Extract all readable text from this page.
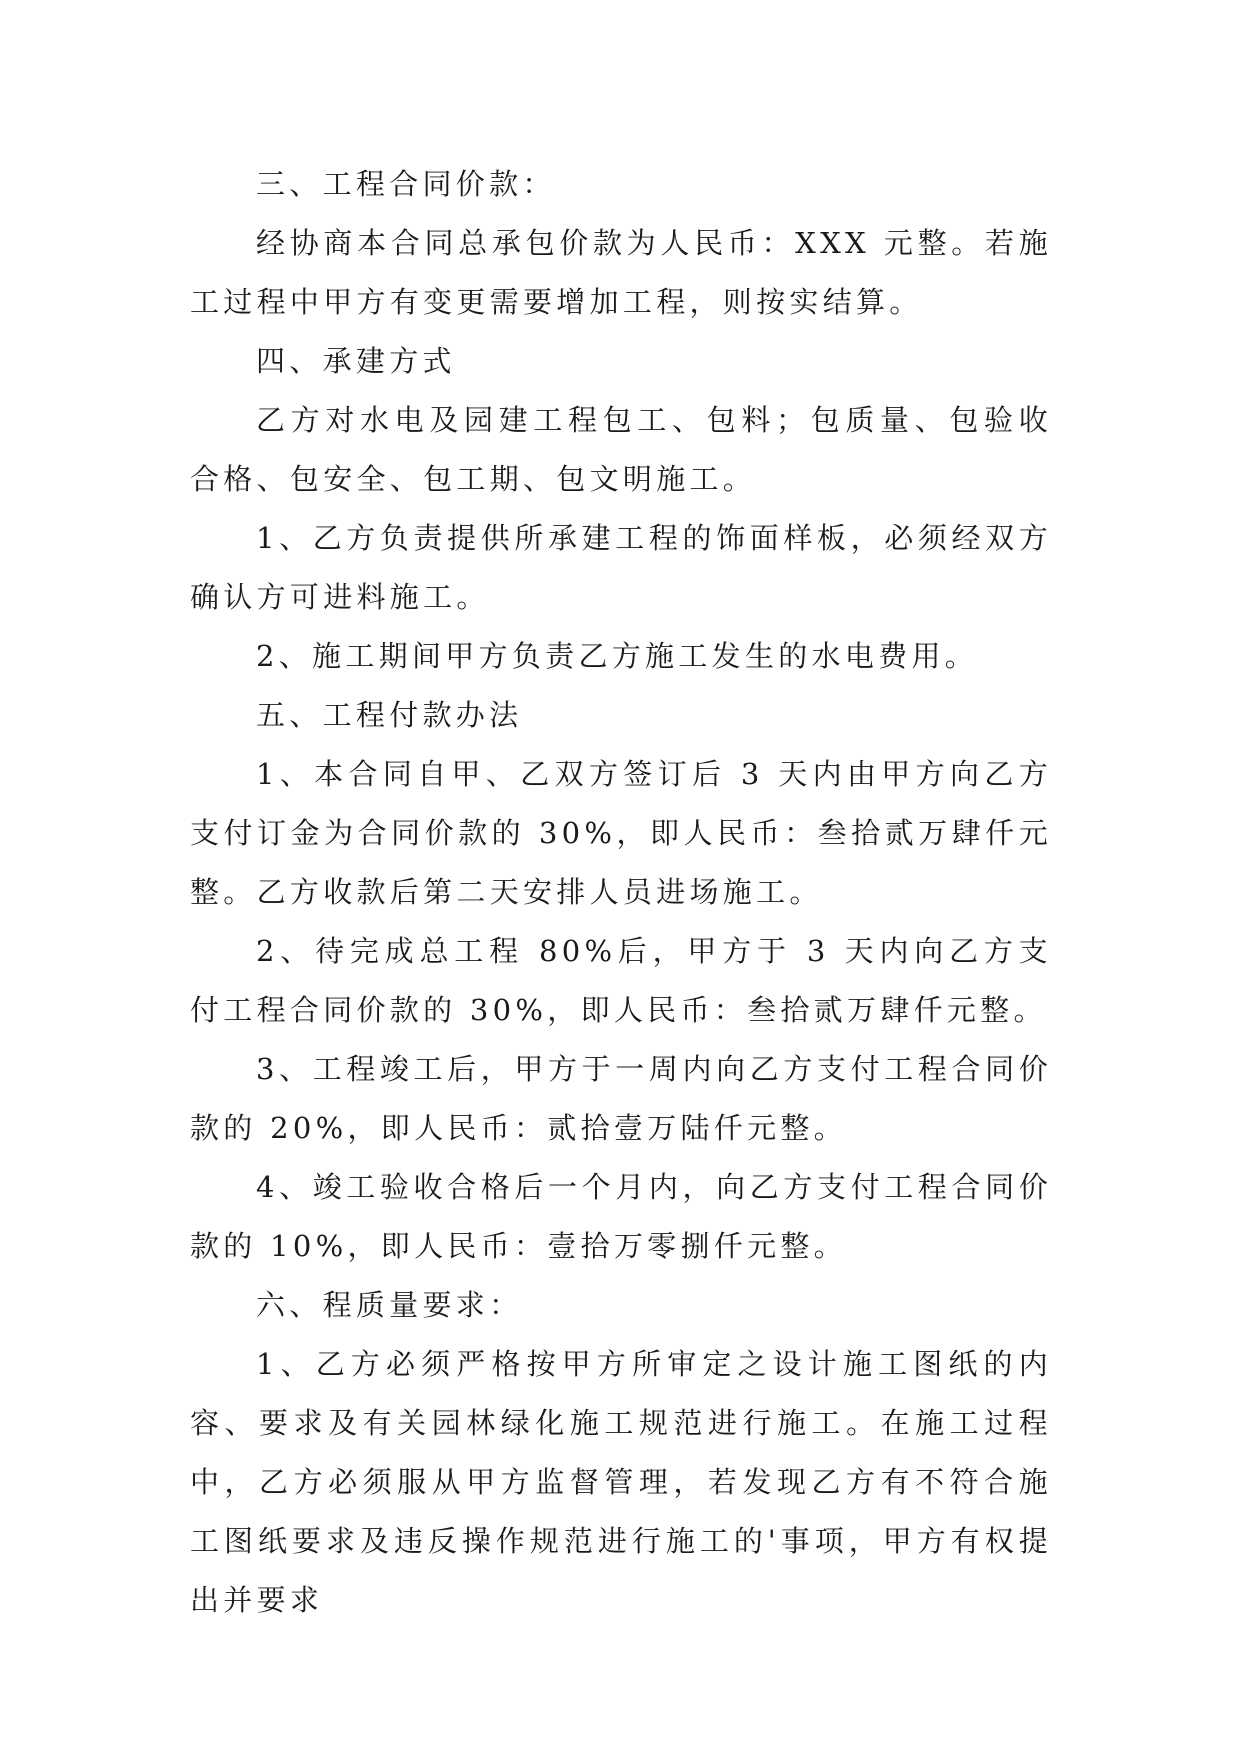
三、工程合同价款：

经协商本合同总承包价款为人民币：XXX 元整。若施工过程中甲方有变更需要增加工程，则按实结算。

四、承建方式

乙方对水电及园建工程包工、包料；包质量、包验收合格、包安全、包工期、包文明施工。

1、乙方负责提供所承建工程的饰面样板，必须经双方确认方可进料施工。

2、施工期间甲方负责乙方施工发生的水电费用。

五、工程付款办法

1、本合同自甲、乙双方签订后 3 天内由甲方向乙方支付订金为合同价款的 30%，即人民币：叁拾贰万肆仟元整。乙方收款后第二天安排人员进场施工。

2、待完成总工程 80%后，甲方于 3 天内向乙方支付工程合同价款的 30%，即人民币：叁拾贰万肆仟元整。

3、工程竣工后，甲方于一周内向乙方支付工程合同价款的 20%，即人民币：贰拾壹万陆仟元整。

4、竣工验收合格后一个月内，向乙方支付工程合同价款的 10%，即人民币：壹拾万零捌仟元整。

六、程质量要求：

1、乙方必须严格按甲方所审定之设计施工图纸的内容、要求及有关园林绿化施工规范进行施工。在施工过程中，乙方必须服从甲方监督管理，若发现乙方有不符合施工图纸要求及违反操作规范进行施工的'事项，甲方有权提出并要求
